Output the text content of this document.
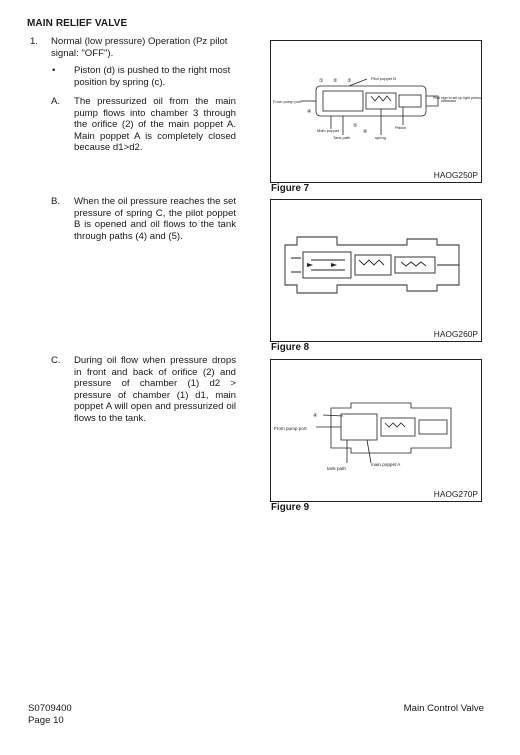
MAIN RELIEF VALVE
1. Normal (low pressure) Operation (Pz pilot signal: "OFF").
• Piston (d) is pushed to the right most position by spring (c).
A. The pressurized oil from the main pump flows into chamber 3 through the orifice (2) of the main poppet A. Main poppet A is completely closed because d1>d2.
B. When the oil pressure reaches the set pressure of spring C, the pilot poppet B is opened and oil flows to the tank through paths (4) and (5).
C. During oil flow when pressure drops in front and back of orifice (2) and pressure of chamber (1) d2 > pressure of chamber (1) d1, main poppet A will open and pressurized oil flows to the tank.
Pilot poppet B
From pump port
Main poppet
Tank path	spring
Piston
Pilot sign to set up light pressure
① ② ③
④
⑤
⑥
HAOG250P
Figure 7
HAOG260P
Figure 8
From pump port
tank path
main poppet A
④
HAOG270P
Figure 9
S0709400
Page 10
Main Control Valve
